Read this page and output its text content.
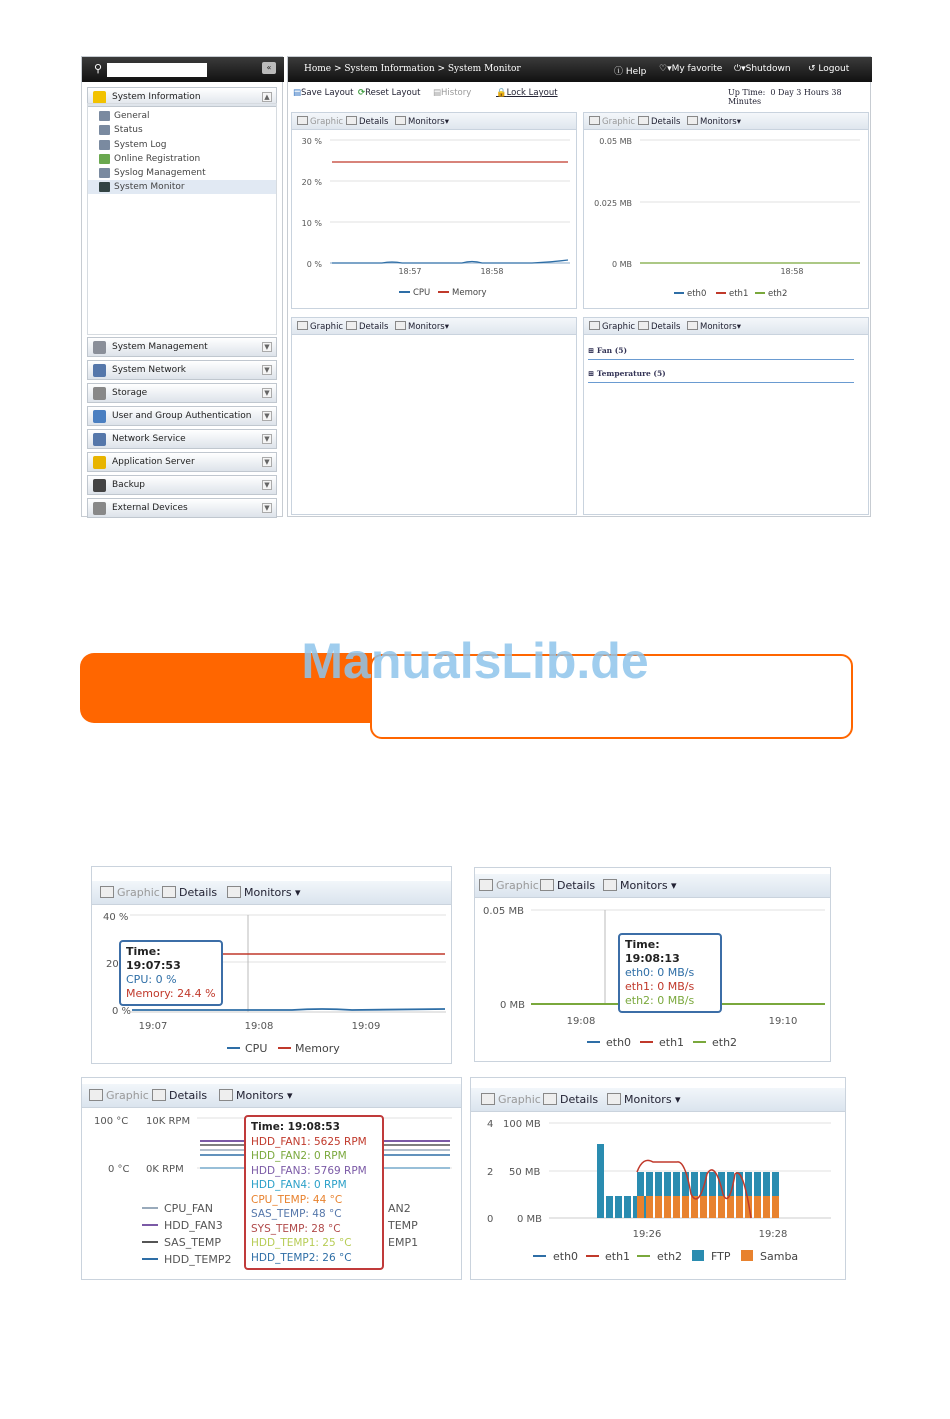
⚲	«
System Information	▲
General
Status
System Log
Online Registration
Syslog Management
System Monitor
System Management	▼
System Network	▼
Storage	▼
User and Group Authentication	▼
Network Service	▼
Application Server	▼
Backup	▼
External Devices	▼
Home > System Information > System Monitor	ⓘ Help ♡▾My favorite ⏻▾Shutdown ↺ Logout
▤Save Layout ⟳Reset Layout ▤History	🔒Lock Layout	Up Time: 0 Day 3 Hours 38 Minutes
Graphic	Details	Monitors▾
30 %
20 %
10 %
0 %
18:57	18:58
CPU	Memory
Graphic	Details	Monitors▾
0.05 MB
0.025 MB
0 MB
18:58
eth0	eth1 eth2
Graphic	Details	Monitors▾	Graphic	Details	Monitors▾
⊞ Fan (5)
⊞ Temperature (5)
ManualsLib.de
Graphic	Details	Monitors ▾
40 %
20
0 %
19:07	19:08	19:09
CPU	Memory
Time: 19:07:53
CPU: 0 %
Memory: 24.4 %
Graphic	Details	Monitors ▾
0.05 MB
0 MB
19:08	19:10
eth0	eth1	eth2
Time: 19:08:13
eth0: 0 MB/s
eth1: 0 MB/s
eth2: 0 MB/s
Graphic	Details	Monitors ▾
100 °C 10K RPM
0 °C 0K RPM
CPU_FAN
HDD_FAN3
SAS_TEMP
HDD_TEMP2
AN2
TEMP
EMP1
Time: 19:08:53
HDD_FAN1: 5625 RPM
HDD_FAN2: 0 RPM
HDD_FAN3: 5769 RPM
HDD_FAN4: 0 RPM
CPU_TEMP: 44 °C
SAS_TEMP: 48 °C
SYS_TEMP: 28 °C
HDD_TEMP1: 25 °C
HDD_TEMP2: 26 °C
Graphic	Details	Monitors ▾
4 100 MB
2 50 MB
0 0 MB
19:26	19:28
eth0 eth1 eth2	FTP	Samba
